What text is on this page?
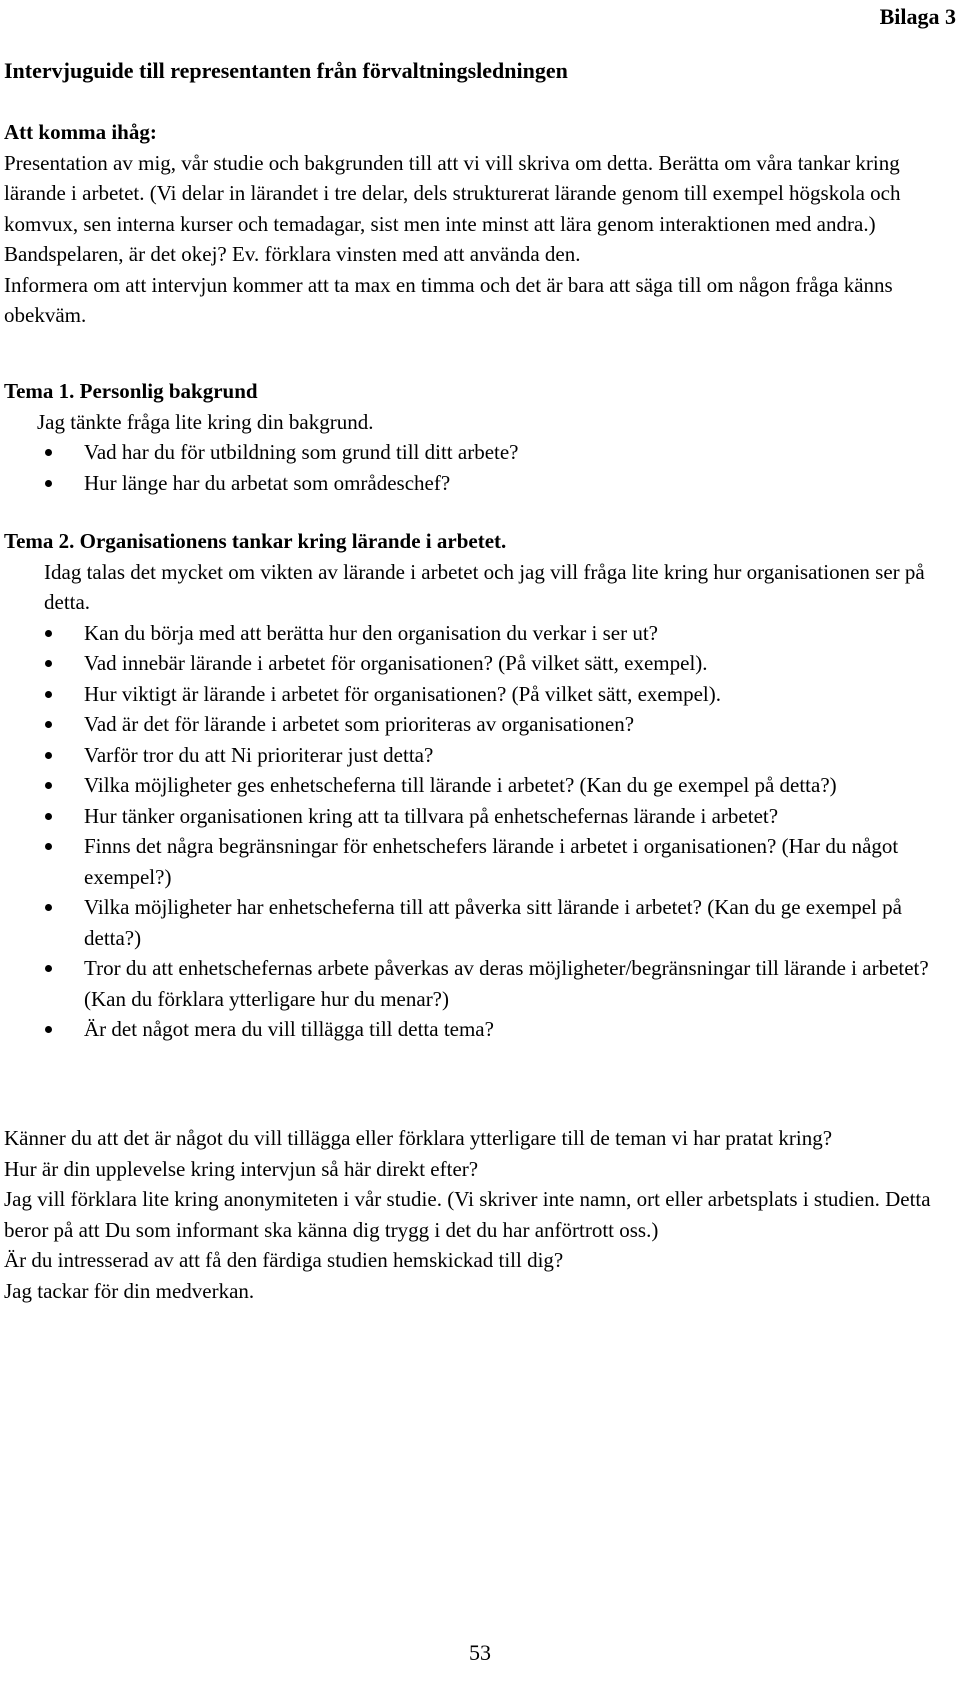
Bilaga 3
Intervjuguide till representanten från förvaltningsledningen

Att komma ihåg:

Presentation av mig, vår studie och bakgrunden till att vi vill skriva om detta. Berätta om våra tankar kring lärande i arbetet. (Vi delar in lärandet i tre delar, dels strukturerat lärande genom till exempel högskola och komvux, sen interna kurser och temadagar, sist men inte minst att lära genom interaktionen med andra.)

Bandspelaren, är det okej? Ev. förklara vinsten med att använda den.

Informera om att intervjun kommer att ta max en timma och det är bara att säga till om någon fråga känns obekväm.

Tema 1. Personlig bakgrund

Jag tänkte fråga lite kring din bakgrund.

Vad har du för utbildning som grund till ditt arbete?
Hur länge har du arbetat som områdeschef?

Tema 2. Organisationens tankar kring lärande i arbetet.

Idag talas det mycket om vikten av lärande i arbetet och jag vill fråga lite kring hur organisationen ser på detta.

Kan du börja med att berätta hur den organisation du verkar i ser ut?
Vad innebär lärande i arbetet för organisationen? (På vilket sätt, exempel).
Hur viktigt är lärande i arbetet för organisationen? (På vilket sätt, exempel).
Vad är det för lärande i arbetet som prioriteras av organisationen?
Varför tror du att Ni prioriterar just detta?
Vilka möjligheter ges enhetscheferna till lärande i arbetet? (Kan du ge exempel på detta?)
Hur tänker organisationen kring att ta tillvara på enhetschefernas lärande i arbetet?
Finns det några begränsningar för enhetschefers lärande i arbetet i organisationen? (Har du något exempel?)
Vilka möjligheter har enhetscheferna till att påverka sitt lärande i arbetet? (Kan du ge exempel på detta?)
Tror du att enhetschefernas arbete påverkas av deras möjligheter/begränsningar till lärande i arbetet? (Kan du förklara ytterligare hur du menar?)
Är det något mera du vill tillägga till detta tema?

Känner du att det är något du vill tillägga eller förklara ytterligare till de teman vi har pratat kring?

Hur är din upplevelse kring intervjun så här direkt efter?

Jag vill förklara lite kring anonymiteten i vår studie. (Vi skriver inte namn, ort eller arbetsplats i studien. Detta beror på att Du som informant ska känna dig trygg i det du har anförtrott oss.)

Är du intresserad av att få den färdiga studien hemskickad till dig?

Jag tackar för din medverkan.

53
